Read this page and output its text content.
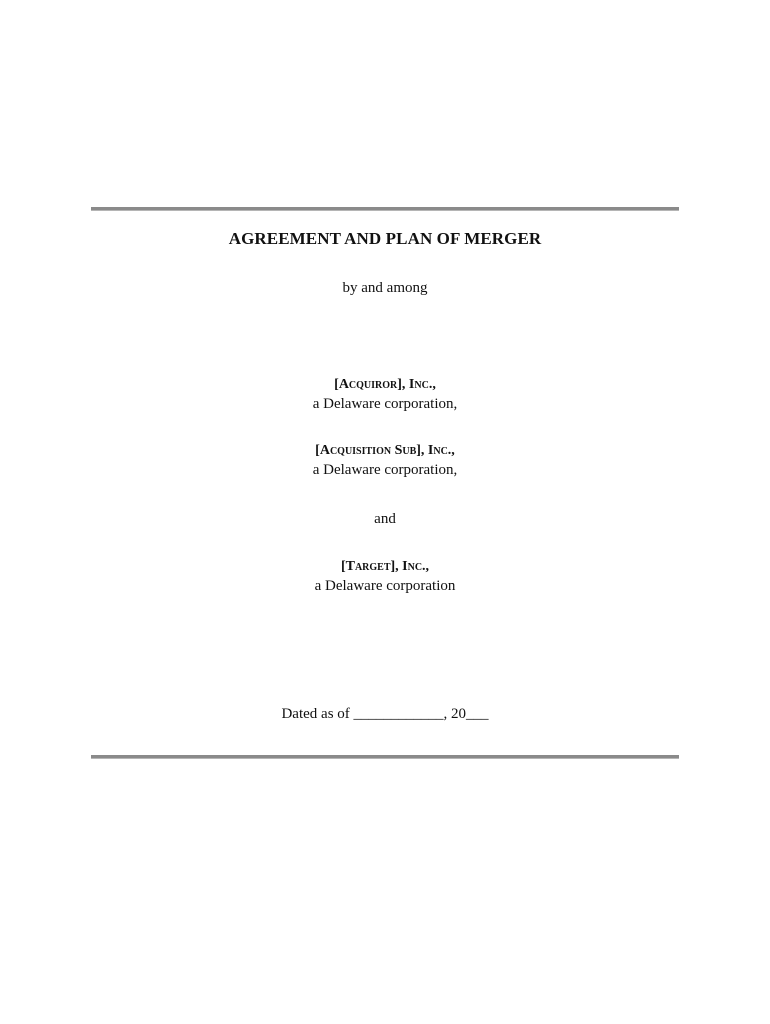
AGREEMENT AND PLAN OF MERGER
by and among
[Acquiror], Inc.,
a Delaware corporation,
[Acquisition Sub], Inc.,
a Delaware corporation,
and
[Target], Inc.,
a Delaware corporation
Dated as of ____________, 20___
